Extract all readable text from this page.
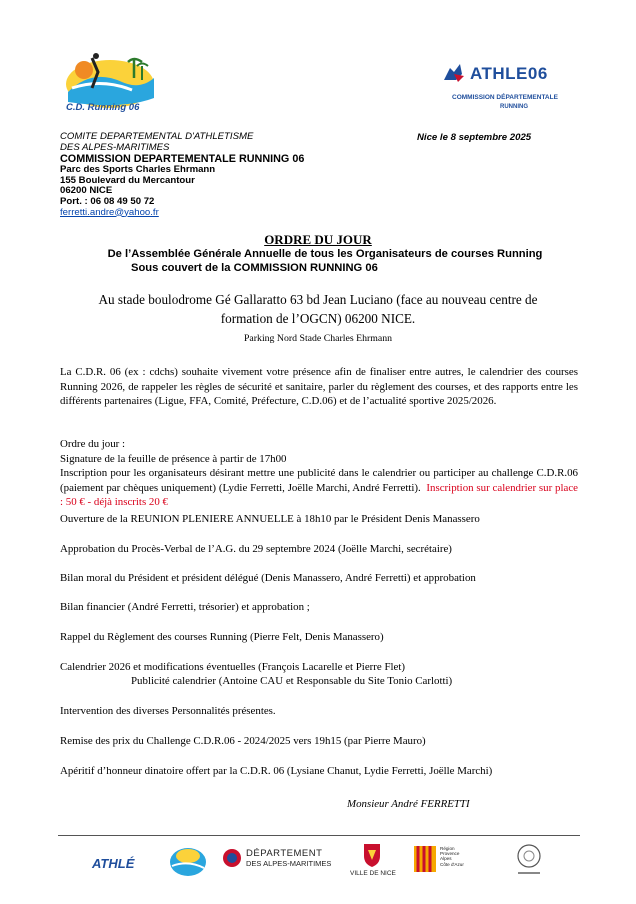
C.D. Running 06
ATHLE06
COMMISSION DÉPARTEMENTALE
RUNNING
COMITE DEPARTEMENTAL D'ATHLETISME
DES ALPES-MARITIMES
COMMISSION DEPARTEMENTALE RUNNING 06
Parc des Sports Charles Ehrmann
155 Boulevard du Mercantour
06200 NICE
Port. : 06 08 49 50 72
ferretti.andre@yahoo.fr
Nice le 8 septembre 2025
ORDRE DU JOUR
De l’Assemblée Générale Annuelle de tous les Organisateurs de courses Running
Sous couvert de la COMMISSION RUNNING 06
Au stade boulodrome Gé Gallaratto 63 bd Jean Luciano (face au nouveau centre de
formation de l’OGCN) 06200 NICE.
Parking Nord Stade Charles Ehrmann
La C.D.R. 06 (ex : cdchs) souhaite vivement votre présence afin de finaliser entre autres, le calendrier des courses Running 2026, de rappeler les règles de sécurité et sanitaire, parler du règlement des courses, et des rapports entre les différents partenaires (Ligue, FFA, Comité, Préfecture, C.D.06) et de l’actualité sportive 2025/2026.
Ordre du jour :
Signature de la feuille de présence à partir de 17h00
Inscription pour les organisateurs désirant mettre une publicité dans le calendrier ou participer au challenge C.D.R.06 (paiement par chèques uniquement) (Lydie Ferretti, Joëlle Marchi, André Ferretti). Inscription sur calendrier sur place : 50 € - déjà inscrits 20 €
Ouverture de la REUNION PLENIERE ANNUELLE à 18h10 par le Président Denis Manassero
Approbation du Procès-Verbal de l’A.G. du 29 septembre 2024 (Joëlle Marchi, secrétaire)
Bilan moral du Président et président délégué (Denis Manassero, André Ferretti) et approbation
Bilan financier (André Ferretti, trésorier) et approbation ;
Rappel du Règlement des courses Running (Pierre Felt, Denis Manassero)
Calendrier 2026 et modifications éventuelles (François Lacarelle et Pierre Flet)
Publicité calendrier (Antoine CAU et Responsable du Site Tonio Carlotti)
Intervention des diverses Personnalités présentes.
Remise des prix du Challenge C.D.R.06 - 2024/2025 vers 19h15 (par Pierre Mauro)
Apéritif d’honneur dinatoire offert par la C.D.R. 06 (Lysiane Chanut, Lydie Ferretti, Joëlle Marchi)
Monsieur André FERRETTI
ATHLÉ
DÉPARTEMENT
DES ALPES-MARITIMES
VILLE DE NICE
Région
Provence
Alpes
Côte d'Azur
